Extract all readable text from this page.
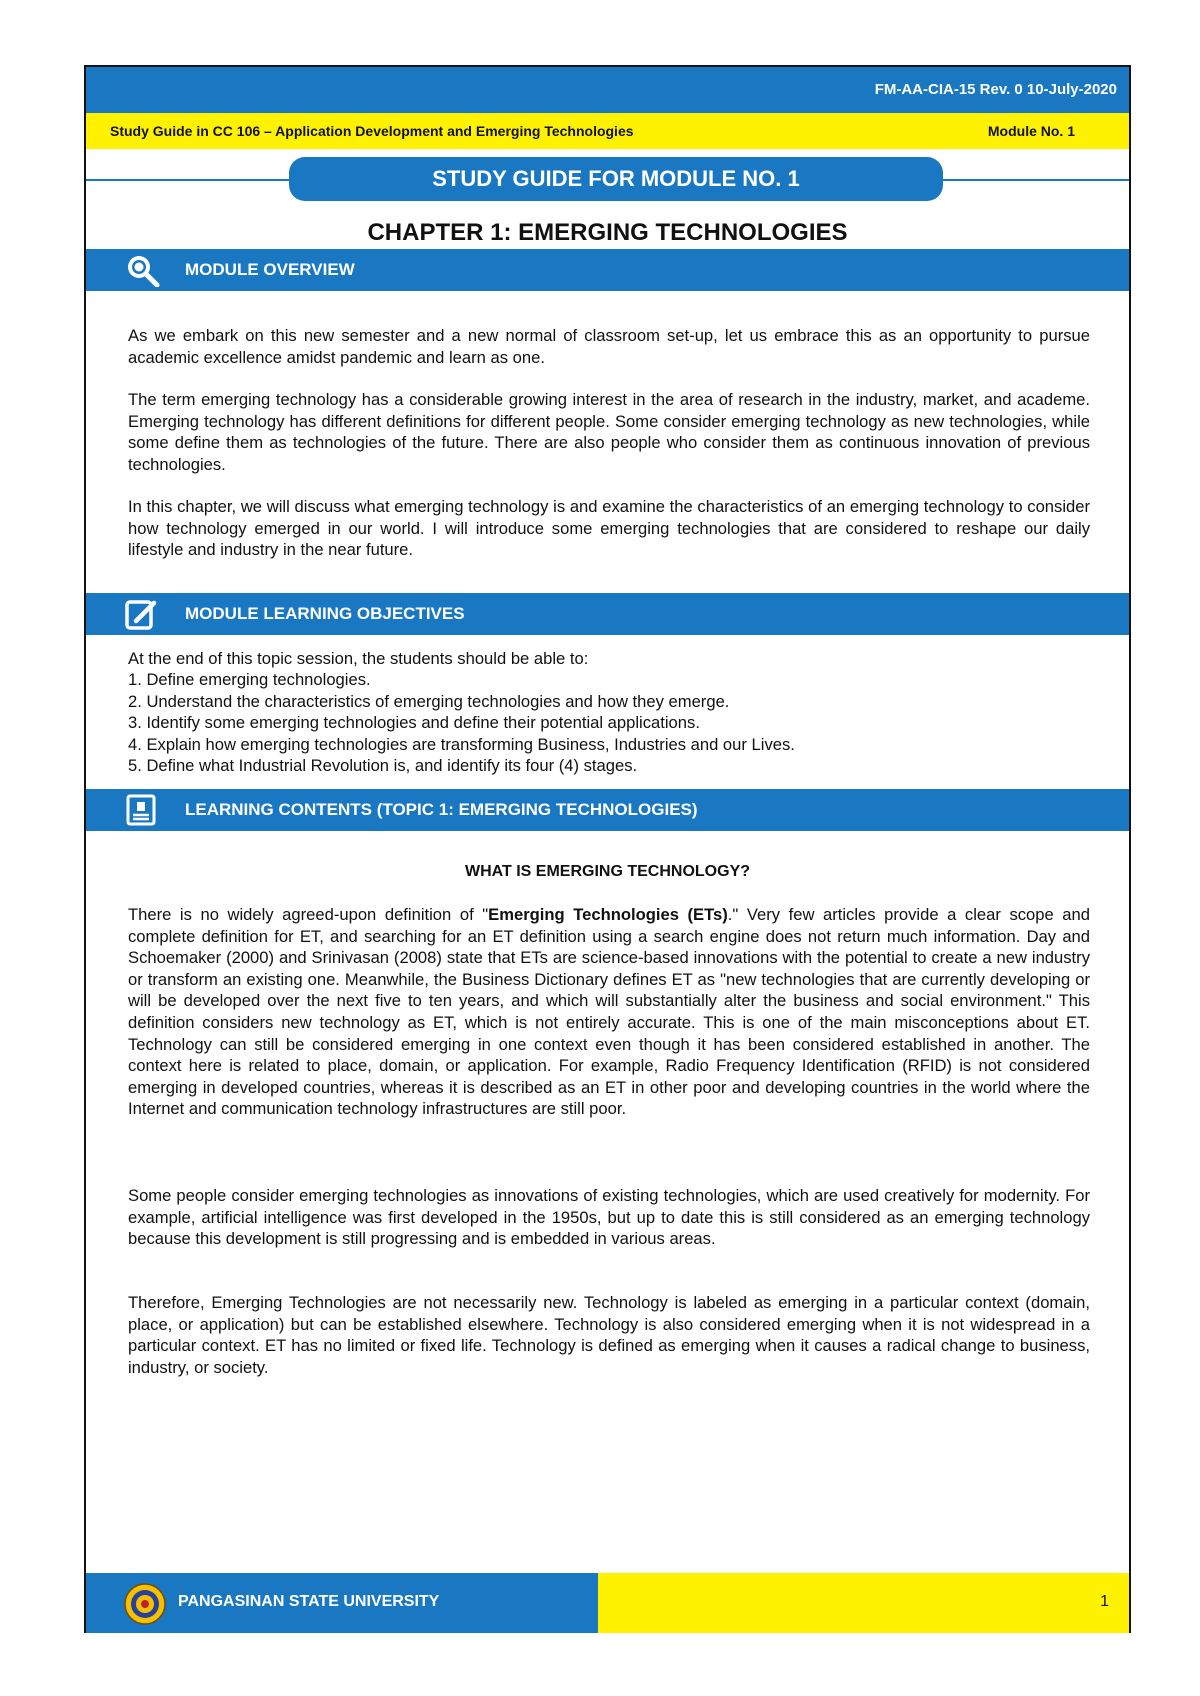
FM-AA-CIA-15 Rev. 0 10-July-2020
Study Guide in CC 106 – Application Development and Emerging Technologies	Module No. 1
STUDY GUIDE FOR MODULE NO. 1
CHAPTER 1: EMERGING TECHNOLOGIES
MODULE OVERVIEW

As we embark on this new semester and a new normal of classroom set-up, let us embrace this as an opportunity to pursue academic excellence amidst pandemic and learn as one.

The term emerging technology has a considerable growing interest in the area of research in the industry, market, and academe. Emerging technology has different definitions for different people. Some consider emerging technology as new technologies, while some define them as technologies of the future. There are also people who consider them as continuous innovation of previous technologies.

In this chapter, we will discuss what emerging technology is and examine the characteristics of an emerging technology to consider how technology emerged in our world. I will introduce some emerging technologies that are considered to reshape our daily lifestyle and industry in the near future.

MODULE LEARNING OBJECTIVES

At the end of this topic session, the students should be able to:

1. Define emerging technologies.
2. Understand the characteristics of emerging technologies and how they emerge.
3. Identify some emerging technologies and define their potential applications.
4. Explain how emerging technologies are transforming Business, Industries and our Lives.
5. Define what Industrial Revolution is, and identify its four (4) stages.
LEARNING CONTENTS (TOPIC 1: EMERGING TECHNOLOGIES)
WHAT IS EMERGING TECHNOLOGY?

There is no widely agreed-upon definition of "Emerging Technologies (ETs)." Very few articles provide a clear scope and complete definition for ET, and searching for an ET definition using a search engine does not return much information. Day and Schoemaker (2000) and Srinivasan (2008) state that ETs are science-based innovations with the potential to create a new industry or transform an existing one. Meanwhile, the Business Dictionary defines ET as "new technologies that are currently developing or will be developed over the next five to ten years, and which will substantially alter the business and social environment." This definition considers new technology as ET, which is not entirely accurate. This is one of the main misconceptions about ET. Technology can still be considered emerging in one context even though it has been considered established in another. The context here is related to place, domain, or application. For example, Radio Frequency Identification (RFID) is not considered emerging in developed countries, whereas it is described as an ET in other poor and developing countries in the world where the Internet and communication technology infrastructures are still poor.

Some people consider emerging technologies as innovations of existing technologies, which are used creatively for modernity. For example, artificial intelligence was first developed in the 1950s, but up to date this is still considered as an emerging technology because this development is still progressing and is embedded in various areas.

Therefore, Emerging Technologies are not necessarily new. Technology is labeled as emerging in a particular context (domain, place, or application) but can be established elsewhere. Technology is also considered emerging when it is not widespread in a particular context. ET has no limited or fixed life. Technology is defined as emerging when it causes a radical change to business, industry, or society.

PANGASINAN STATE UNIVERSITY	1
